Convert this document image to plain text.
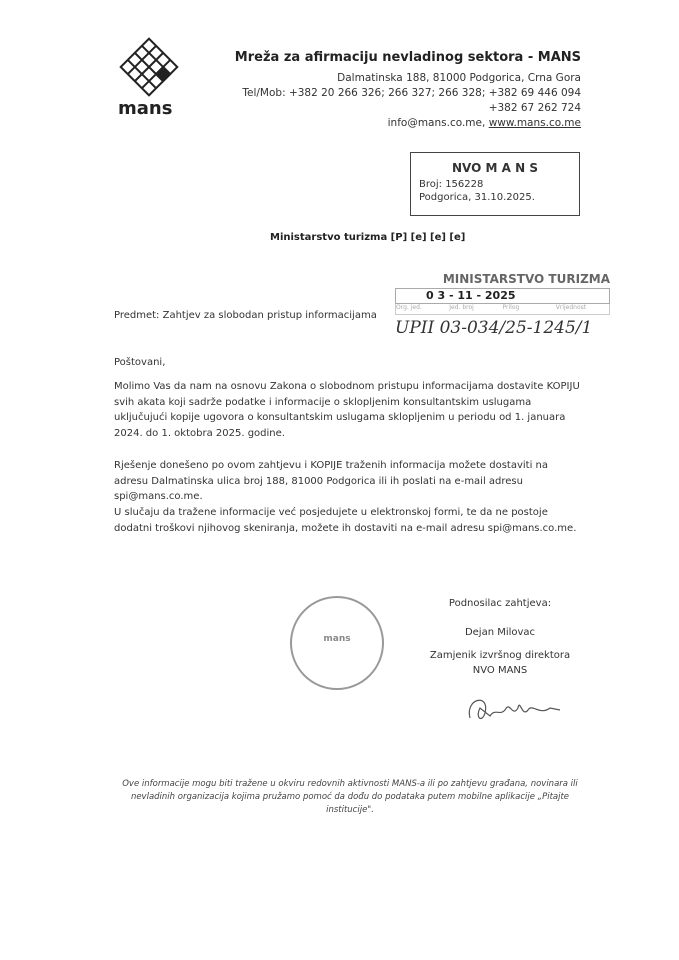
mans
Mreža za afirmaciju nevladinog sektora - MANS
Dalmatinska 188, 81000 Podgorica, Crna Gora
Tel/Mob: +382 20 266 326; 266 327; 266 328; +382 69 446 094
+382 67 262 724
info@mans.co.me, www.mans.co.me
NVO M A N S
Broj: 156228
Podgorica, 31.10.2025.
Ministarstvo turizma [P] [e] [e] [e]
MINISTARSTVO TURIZMA
0 3 - 11 - 2025
Org. jed.	Jed. broj	Prilog	Vrijednost
UPII 03-034/25-1245/1
Predmet: Zahtjev za slobodan pristup informacijama
Poštovani,
Molimo Vas da nam na osnovu Zakona o slobodnom pristupu informacijama dostavite KOPIJU svih akata koji sadrže podatke i informacije o sklopljenim konsultantskim uslugama uključujući kopije ugovora o konsultantskim uslugama sklopljenim u periodu od 1. januara 2024. do 1. oktobra 2025. godine.
Rješenje donešeno po ovom zahtjevu i KOPIJE traženih informacija možete dostaviti na adresu Dalmatinska ulica broj 188, 81000 Podgorica ili ih poslati na e-mail adresu spi@mans.co.me.
U slučaju da tražene informacije već posjedujete u elektronskoj formi, te da ne postoje dodatni troškovi njihovog skeniranja, možete ih dostaviti na e-mail adresu spi@mans.co.me.
mans
Podnosilac zahtjeva:
Dejan Milovac
Zamjenik izvršnog direktora
NVO MANS
Ove informacije mogu biti tražene u okviru redovnih aktivnosti MANS-a ili po zahtjevu građana, novinara ili nevladinih organizacija kojima pružamo pomoć da dođu do podataka putem mobilne aplikacije „Pitajte institucije".
